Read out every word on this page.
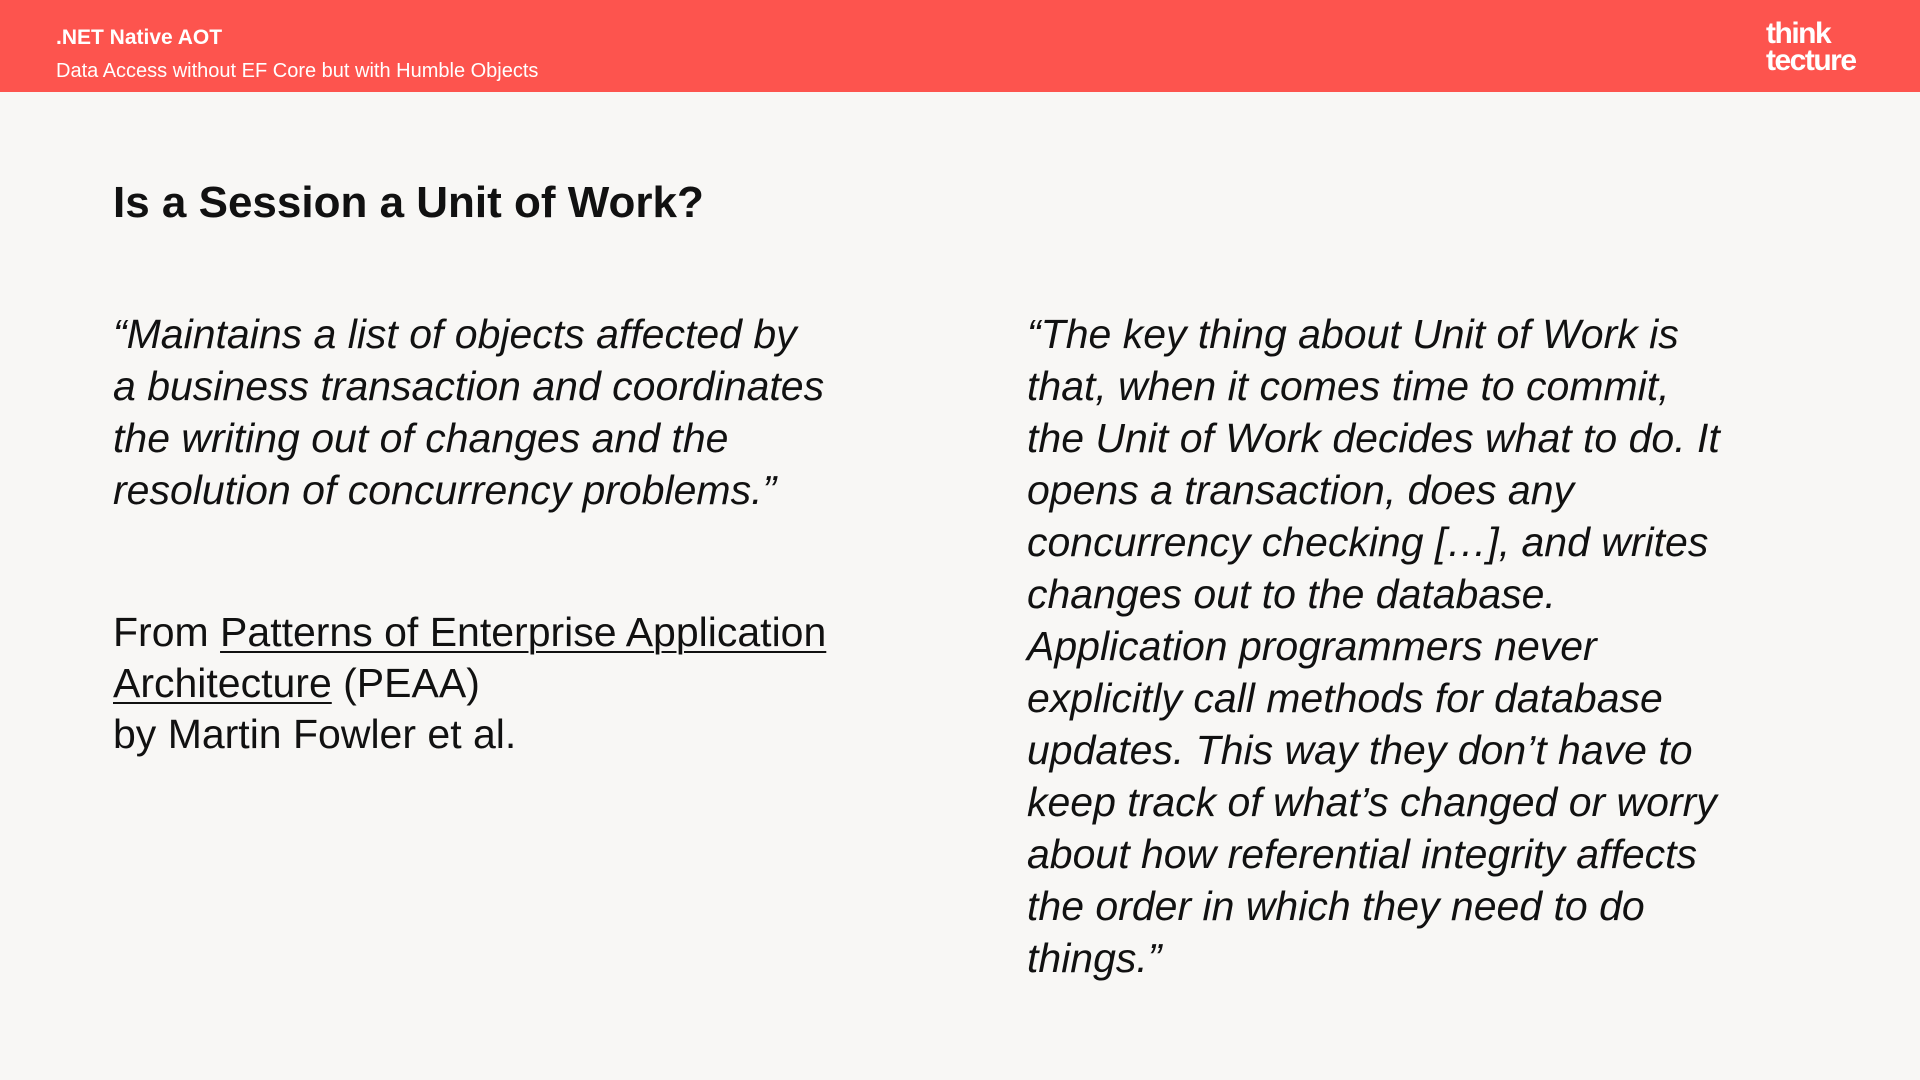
.NET Native AOT
Data Access without EF Core but with Humble Objects
think
tecture
Is a Session a Unit of Work?
“Maintains a list of objects affected by
a business transaction and coordinates
the writing out of changes and the
resolution of concurrency problems.”
From Patterns of Enterprise Application
Architecture (PEAA)
by Martin Fowler et al.
“The key thing about Unit of Work is
that, when it comes time to commit,
the Unit of Work decides what to do. It
opens a transaction, does any
concurrency checking […], and writes
changes out to the database.
Application programmers never
explicitly call methods for database
updates. This way they don’t have to
keep track of what’s changed or worry
about how referential integrity affects
the order in which they need to do
things.”
